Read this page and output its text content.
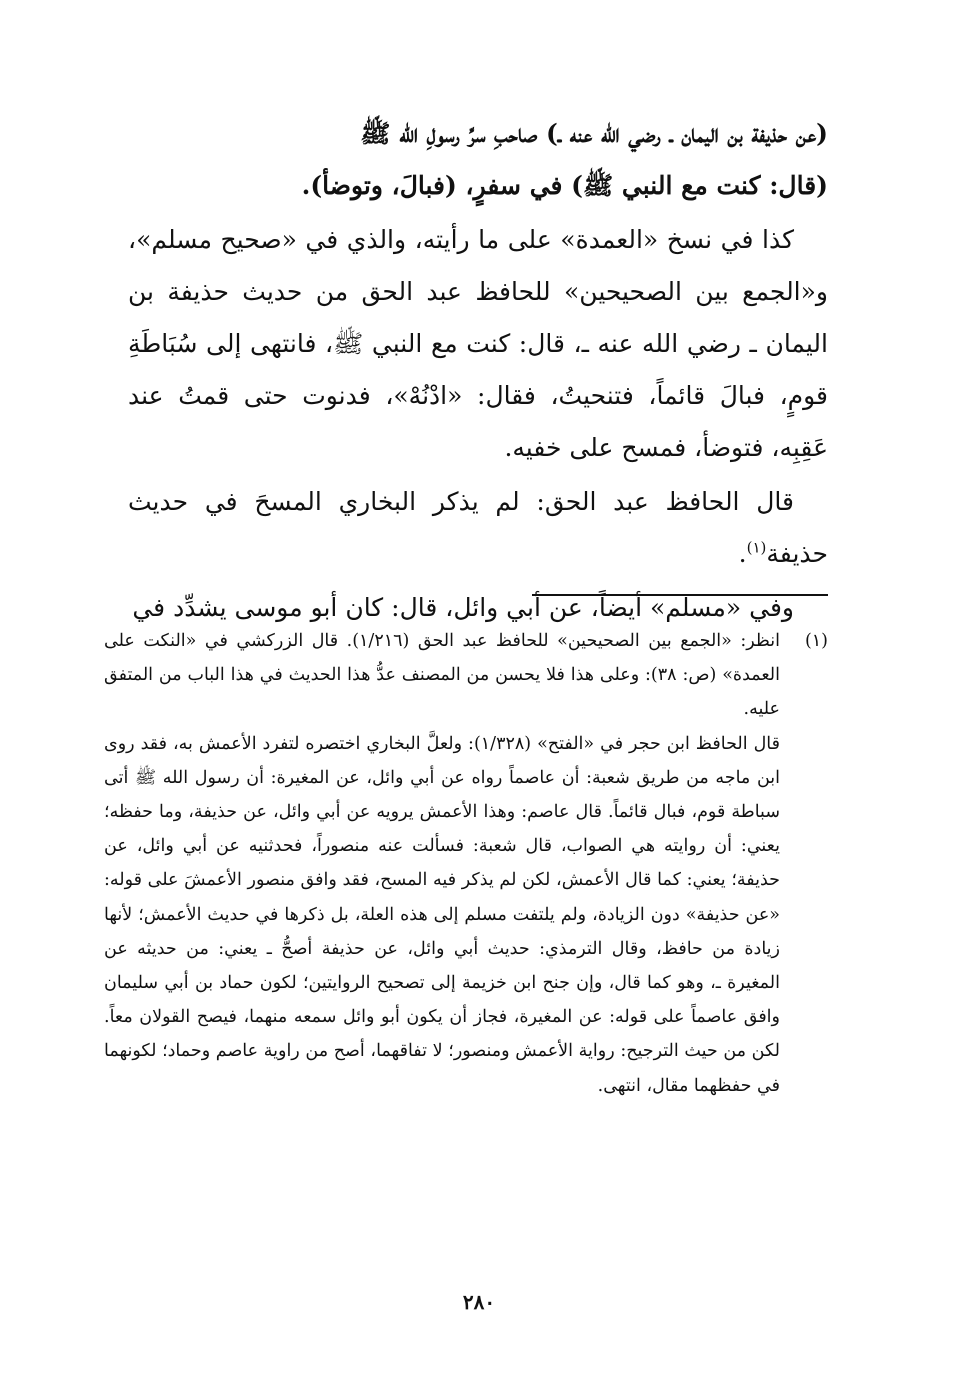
(عن حذيفة بن اليمان ـ رضي الله عنه ـ) صاحبِ سرِّ رسولِ الله ﷺ

(قال: كنت مع النبي ﷺ) في سفرٍ، (فبالَ، وتوضأ).

كذا في نسخ «العمدة» على ما رأيته، والذي في «صحيح مسلم»، و«الجمع بين الصحيحين» للحافظ عبد الحق من حديث حذيفة بن اليمان ـ رضي الله عنه ـ، قال: كنت مع النبي ﷺ، فانتهى إلى سُبَاطَةِ قومٍ، فبالَ قائماً، فتنحيتُ، فقال: «ادْنُهْ»، فدنوت حتى قمتُ عند عَقِبِه، فتوضأ، فمسح على خفيه.

قال الحافظ عبد الحق: لم يذكر البخاري المسحَ في حديث حذيفة$^{(١)}$.

وفي «مسلم» أيضاً، عن أبي وائل، قال: كان أبو موسى يشدِّد في

(١)

انظر: «الجمع بين الصحيحين» للحافظ عبد الحق (١/٢١٦). قال الزركشي في «النكت على العمدة» (ص: ٣٨): وعلى هذا فلا يحسن من المصنف عدُّ هذا الحديث في هذا الباب من المتفق عليه.

قال الحافظ ابن حجر في «الفتح» (١/٣٢٨): ولعلَّ البخاري اختصره لتفرد الأعمش به، فقد روى ابن ماجه من طريق شعبة: أن عاصماً رواه عن أبي وائل، عن المغيرة: أن رسول الله ﷺ أتى سباطة قوم، فبال قائماً. قال عاصم: وهذا الأعمش يرويه عن أبي وائل، عن حذيفة، وما حفظه؛ يعني: أن روايته هي الصواب، قال شعبة: فسألت عنه منصوراً، فحدثنيه عن أبي وائل، عن حذيفة؛ يعني: كما قال الأعمش، لكن لم يذكر فيه المسح، فقد وافق منصور الأعمشَ على قوله: «عن حذيفة» دون الزيادة، ولم يلتفت مسلم إلى هذه العلة، بل ذكرها في حديث الأعمش؛ لأنها زيادة من حافظ، وقال الترمذي: حديث أبي وائل، عن حذيفة أصحُّ ـ يعني: من حديثه عن المغيرة ـ، وهو كما قال، وإن جنح ابن خزيمة إلى تصحيح الروايتين؛ لكون حماد بن أبي سليمان وافق عاصماً على قوله: عن المغيرة، فجاز أن يكون أبو وائل سمعه منهما، فيصح القولان معاً. لكن من حيث الترجيح: رواية الأعمش ومنصور؛ لا تفاقهما، أصح من راوية عاصم وحماد؛ لكونهما في حفظهما مقال، انتهى.

٢٨٠
